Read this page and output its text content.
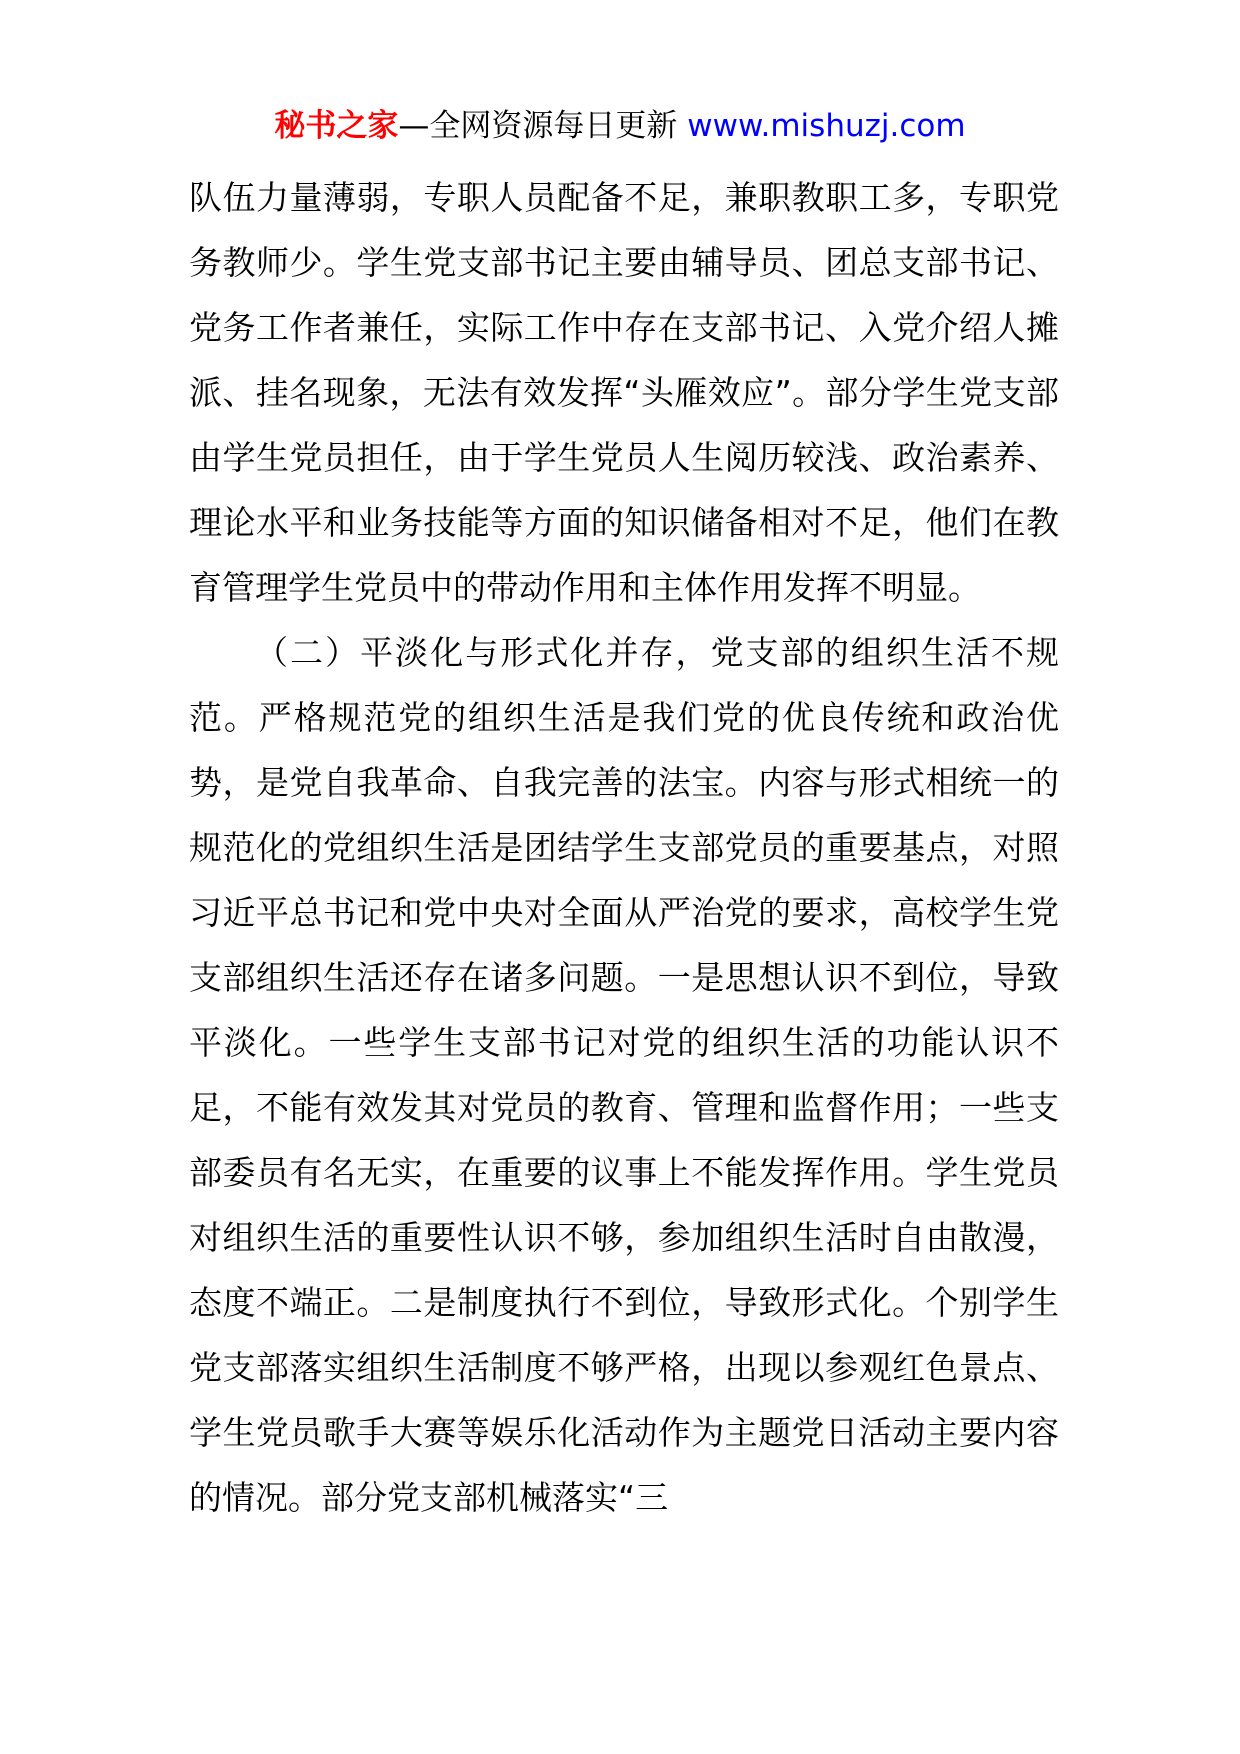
秘书之家—全网资源每日更新 www.mishuzj.com

队伍力量薄弱，专职人员配备不足，兼职教职工多，专职党务教师少。学生党支部书记主要由辅导员、团总支部书记、党务工作者兼任，实际工作中存在支部书记、入党介绍人摊派、挂名现象，无法有效发挥“头雁效应”。部分学生党支部由学生党员担任，由于学生党员人生阅历较浅、政治素养、理论水平和业务技能等方面的知识储备相对不足，他们在教育管理学生党员中的带动作用和主体作用发挥不明显。

（二）平淡化与形式化并存，党支部的组织生活不规范。严格规范党的组织生活是我们党的优良传统和政治优势，是党自我革命、自我完善的法宝。内容与形式相统一的规范化的党组织生活是团结学生支部党员的重要基点，对照习近平总书记和党中央对全面从严治党的要求，高校学生党支部组织生活还存在诸多问题。一是思想认识不到位，导致平淡化。一些学生支部书记对党的组织生活的功能认识不足，不能有效发其对党员的教育、管理和监督作用；一些支部委员有名无实，在重要的议事上不能发挥作用。学生党员对组织生活的重要性认识不够，参加组织生活时自由散漫，态度不端正。二是制度执行不到位，导致形式化。个别学生党支部落实组织生活制度不够严格，出现以参观红色景点、学生党员歌手大赛等娱乐化活动作为主题党日活动主要内容的情况。部分党支部机械落实“三
